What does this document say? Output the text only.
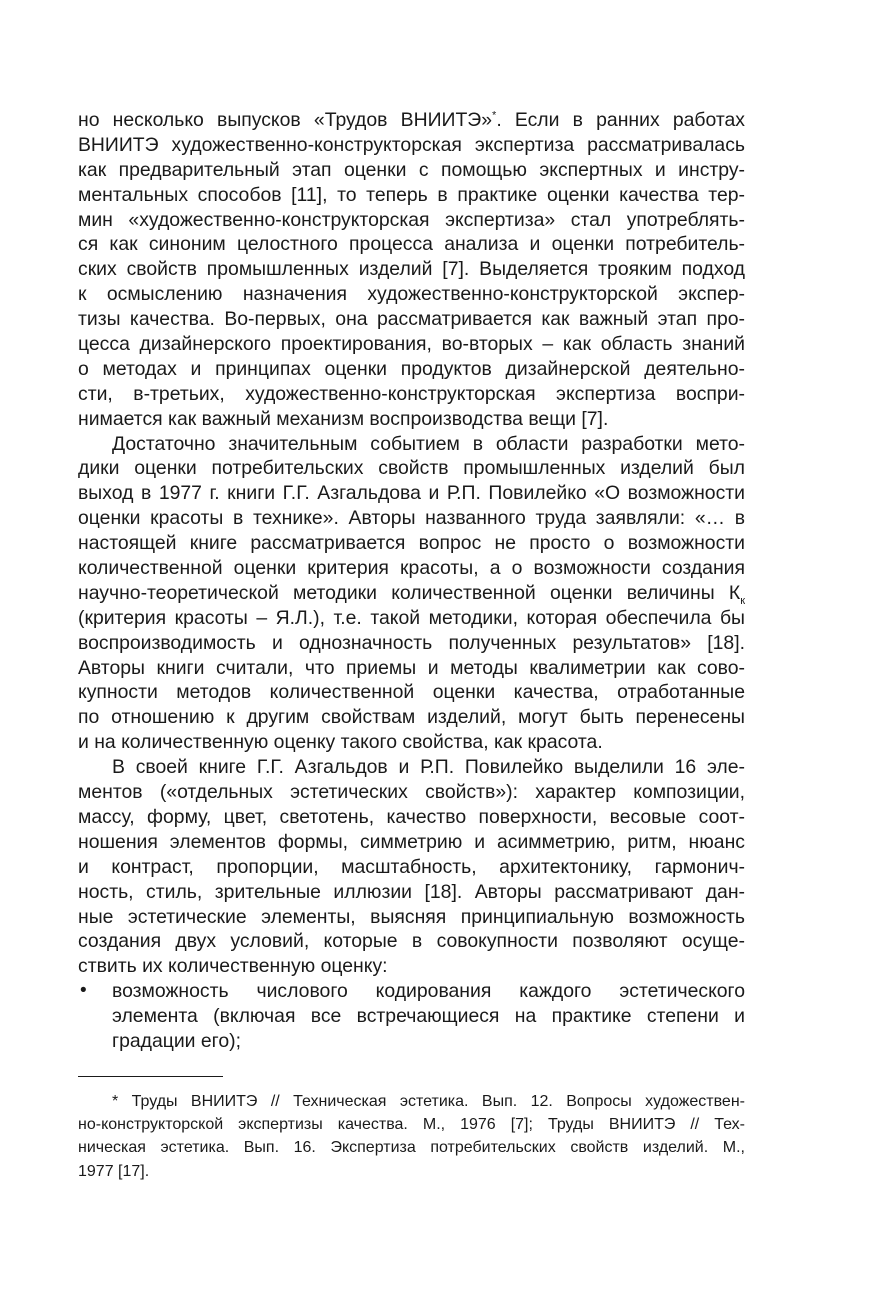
но несколько выпусков «Трудов ВНИИТЭ»*. Если в ранних работах
ВНИИТЭ художественно-конструкторская экспертиза рассматривалась
как предварительный этап оценки с помощью экспертных и инстру-
ментальных способов [11], то теперь в практике оценки качества тер-
мин «художественно-конструкторская экспертиза» стал употреблять-
ся как синоним целостного процесса анализа и оценки потребитель-
ских свойств промышленных изделий [7]. Выделяется трояким подход
к осмыслению назначения художественно-конструкторской экспер-
тизы качества. Во-первых, она рассматривается как важный этап про-
цесса дизайнерского проектирования, во-вторых – как область знаний
о методах и принципах оценки продуктов дизайнерской деятельно-
сти, в-третьих, художественно-конструкторская экспертиза воспри-
нимается как важный механизм воспроизводства вещи [7].
Достаточно значительным событием в области разработки мето-
дики оценки потребительских свойств промышленных изделий был
выход в 1977 г. книги Г.Г. Азгальдова и Р.П. Повилейко «О возможности
оценки красоты в технике». Авторы названного труда заявляли: «… в
настоящей книге рассматривается вопрос не просто о возможности
количественной оценки критерия красоты, а о возможности создания
научно-теоретической методики количественной оценки величины $К_к$
(критерия красоты – Я.Л.), т.е. такой методики, которая обеспечила бы
воспроизводимость и однозначность полученных результатов» [18].
Авторы книги считали, что приемы и методы квалиметрии как сово-
купности методов количественной оценки качества, отработанные
по отношению к другим свойствам изделий, могут быть перенесены
и на количественную оценку такого свойства, как красота.
В своей книге Г.Г. Азгальдов и Р.П. Повилейко выделили 16 эле-
ментов («отдельных эстетических свойств»): характер композиции,
массу, форму, цвет, светотень, качество поверхности, весовые соот-
ношения элементов формы, симметрию и асимметрию, ритм, нюанс
и контраст, пропорции, масштабность, архитектонику, гармонич-
ность, стиль, зрительные иллюзии [18]. Авторы рассматривают дан-
ные эстетические элементы, выясняя принципиальную возможность
создания двух условий, которые в совокупности позволяют осуще-
ствить их количественную оценку:
• возможность числового кодирования каждого эстетического
элемента (включая все встречающиеся на практике степени и
градации его);
* Труды ВНИИТЭ // Техническая эстетика. Вып. 12. Вопросы художествен-
но-конструкторской экспертизы качества. М., 1976 [7]; Труды ВНИИТЭ // Тех-
ническая эстетика. Вып. 16. Экспертиза потребительских свойств изделий. М.,
1977 [17].
